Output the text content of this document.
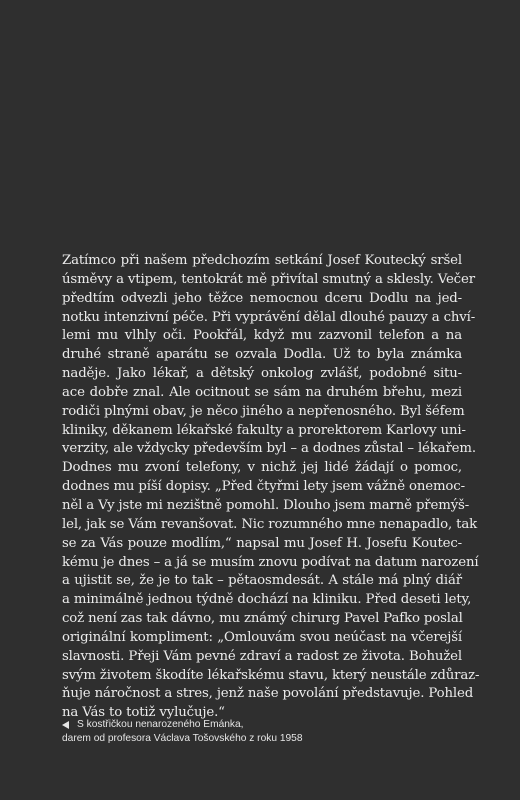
Zatímco při našem předchozím setkání Josef Koutecký sršel
úsměvy a vtipem, tentokrát mě přivítal smutný a sklesly. Večer
předtím odvezli jeho těžce nemocnou dceru Dodlu na jed-
notku intenzivní péče. Při vyprávění dělal dlouhé pauzy a chví-
lemi mu vlhly oči. Pookřál, když mu zazvonil telefon a na
druhé straně aparátu se ozvala Dodla. Už to byla známka
naděje. Jako lékař, a dětský onkolog zvlášť, podobné situ-
ace dobře znal. Ale ocitnout se sám na druhém břehu, mezi
rodiči plnými obav, je něco jiného a nepřenosného. Byl šéfem
kliniky, děkanem lékařské fakulty a prorektorem Karlovy uni-
verzity, ale vždycky především byl – a dodnes zůstal – lékařem.
Dodnes mu zvoní telefony, v nichž jej lidé žádají o pomoc,
dodnes mu píší dopisy. „Před čtyřmi lety jsem vážně onemoc-
něl a Vy jste mi nezištně pomohl. Dlouho jsem marně přemýš-
lel, jak se Vám revanšovat. Nic rozumného mne nenapadlo, tak
se za Vás pouze modlím,“ napsal mu Josef H. Josefu Koutec-
kému je dnes – a já se musím znovu podívat na datum narození
a ujistit se, že je to tak – pětaosmdesát. A stále má plný diář
a minimálně jednou týdně dochází na kliniku. Před deseti lety,
což není zas tak dávno, mu známý chirurg Pavel Pafko poslal
originální kompliment: „Omlouvám svou neúčast na včerejší
slavnosti. Přeji Vám pevné zdraví a radost ze života. Bohužel
svým životem škodíte lékařskému stavu, který neustále zdůraz-
ňuje náročnost a stres, jenž naše povolání představuje. Pohled
na Vás to totiž vylučuje.“
S kostřičkou nenarozeného Emánka,
darem od profesora Václava Tošovského z roku 1958
